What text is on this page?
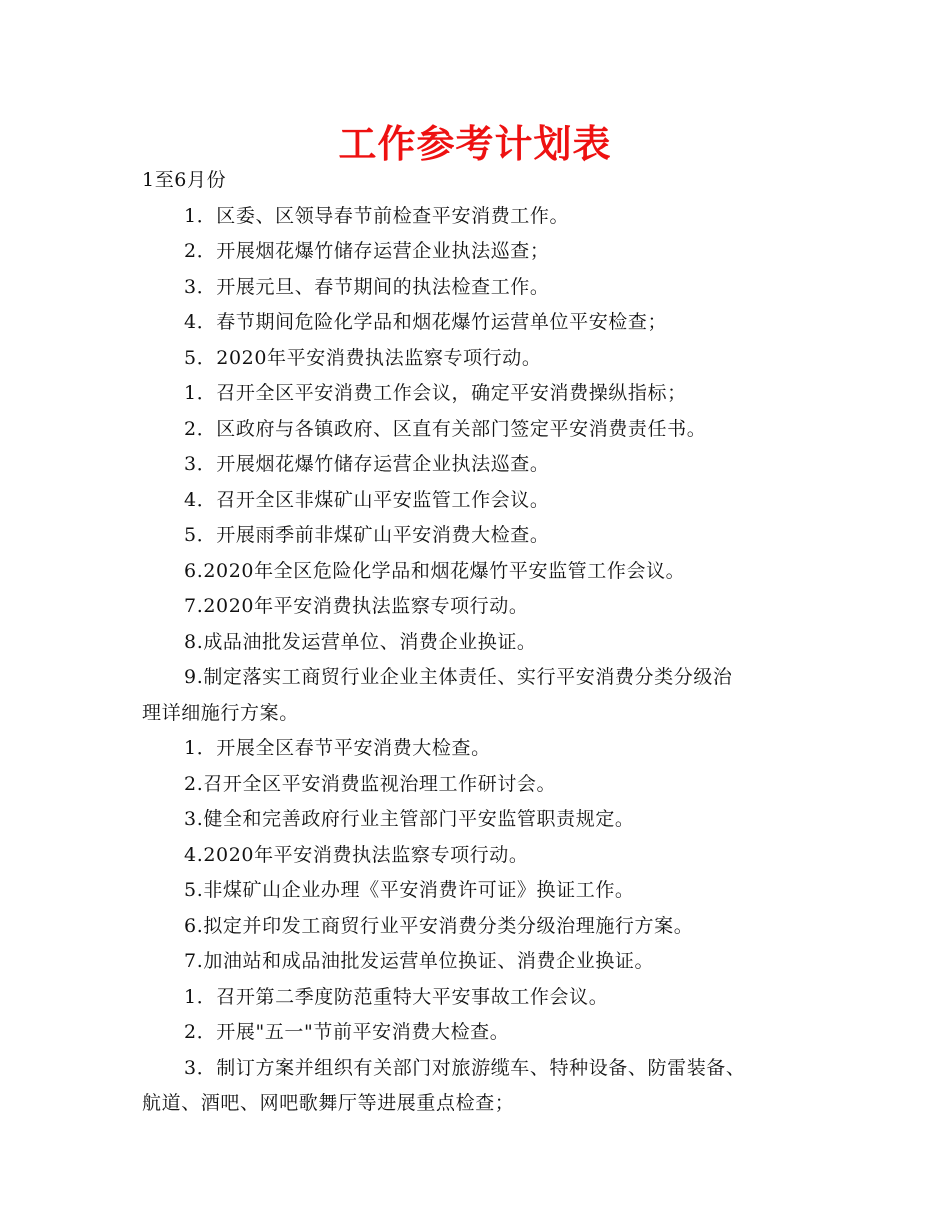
工作参考计划表
1至6月份
1．区委、区领导春节前检查平安消费工作。
2．开展烟花爆竹储存运营企业执法巡查；
3．开展元旦、春节期间的执法检查工作。
4．春节期间危险化学品和烟花爆竹运营单位平安检查；
5．2020年平安消费执法监察专项行动。
1．召开全区平安消费工作会议，确定平安消费操纵指标；
2．区政府与各镇政府、区直有关部门签定平安消费责任书。
3．开展烟花爆竹储存运营企业执法巡查。
4．召开全区非煤矿山平安监管工作会议。
5．开展雨季前非煤矿山平安消费大检查。
6.2020年全区危险化学品和烟花爆竹平安监管工作会议。
7.2020年平安消费执法监察专项行动。
8.成品油批发运营单位、消费企业换证。
9.制定落实工商贸行业企业主体责任、实行平安消费分类分级治
理详细施行方案。
1．开展全区春节平安消费大检查。
2.召开全区平安消费监视治理工作研讨会。
3.健全和完善政府行业主管部门平安监管职责规定。
4.2020年平安消费执法监察专项行动。
5.非煤矿山企业办理《平安消费许可证》换证工作。
6.拟定并印发工商贸行业平安消费分类分级治理施行方案。
7.加油站和成品油批发运营单位换证、消费企业换证。
1．召开第二季度防范重特大平安事故工作会议。
2．开展"五一"节前平安消费大检查。
3．制订方案并组织有关部门对旅游缆车、特种设备、防雷装备、
航道、酒吧、网吧歌舞厅等进展重点检查；
